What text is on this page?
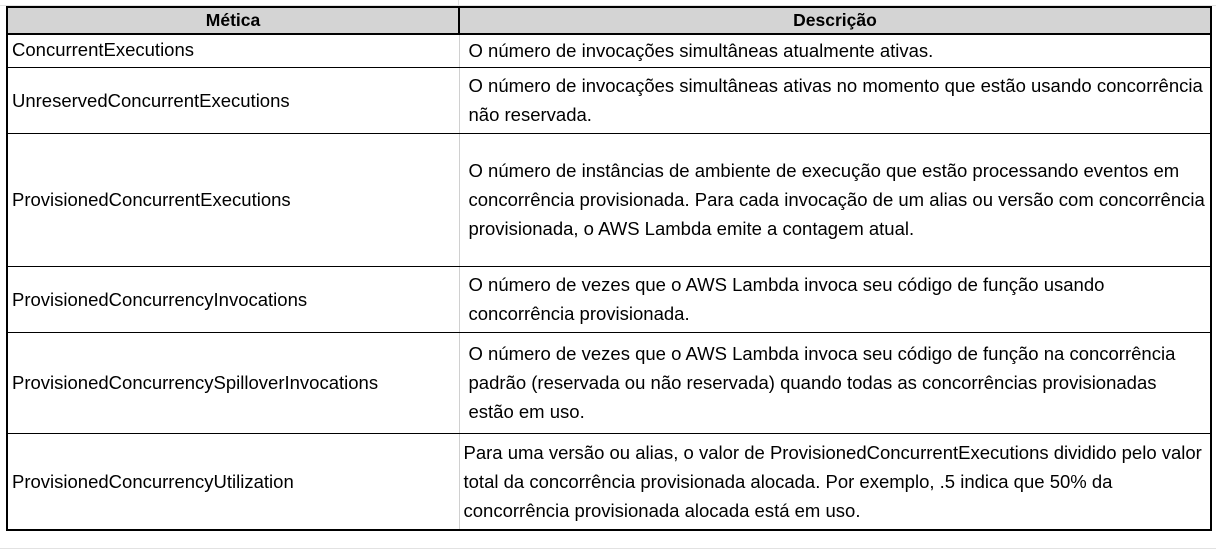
Mética	Descrição
ConcurrentExecutions	O número de invocações simultâneas atualmente ativas.

UnreservedConcurrentExecutions	O número de invocações simultâneas ativas no momento que estão usando concorrência não reservada.

ProvisionedConcurrentExecutions	O número de instâncias de ambiente de execução que estão processando eventos em concorrência provisionada. Para cada invocação de um alias ou versão com concorrência provisionada, o AWS Lambda emite a contagem atual.

ProvisionedConcurrencyInvocations	O número de vezes que o AWS Lambda invoca seu código de função usando concorrência provisionada.

ProvisionedConcurrencySpilloverInvocations	O número de vezes que o AWS Lambda invoca seu código de função na concorrência padrão (reservada ou não reservada) quando todas as concorrências provisionadas estão em uso.

ProvisionedConcurrencyUtilization	Para uma versão ou alias, o valor de ProvisionedConcurrentExecutions dividido pelo valor total da concorrência provisionada alocada. Por exemplo, .5 indica que 50% da concorrência provisionada alocada está em uso.
